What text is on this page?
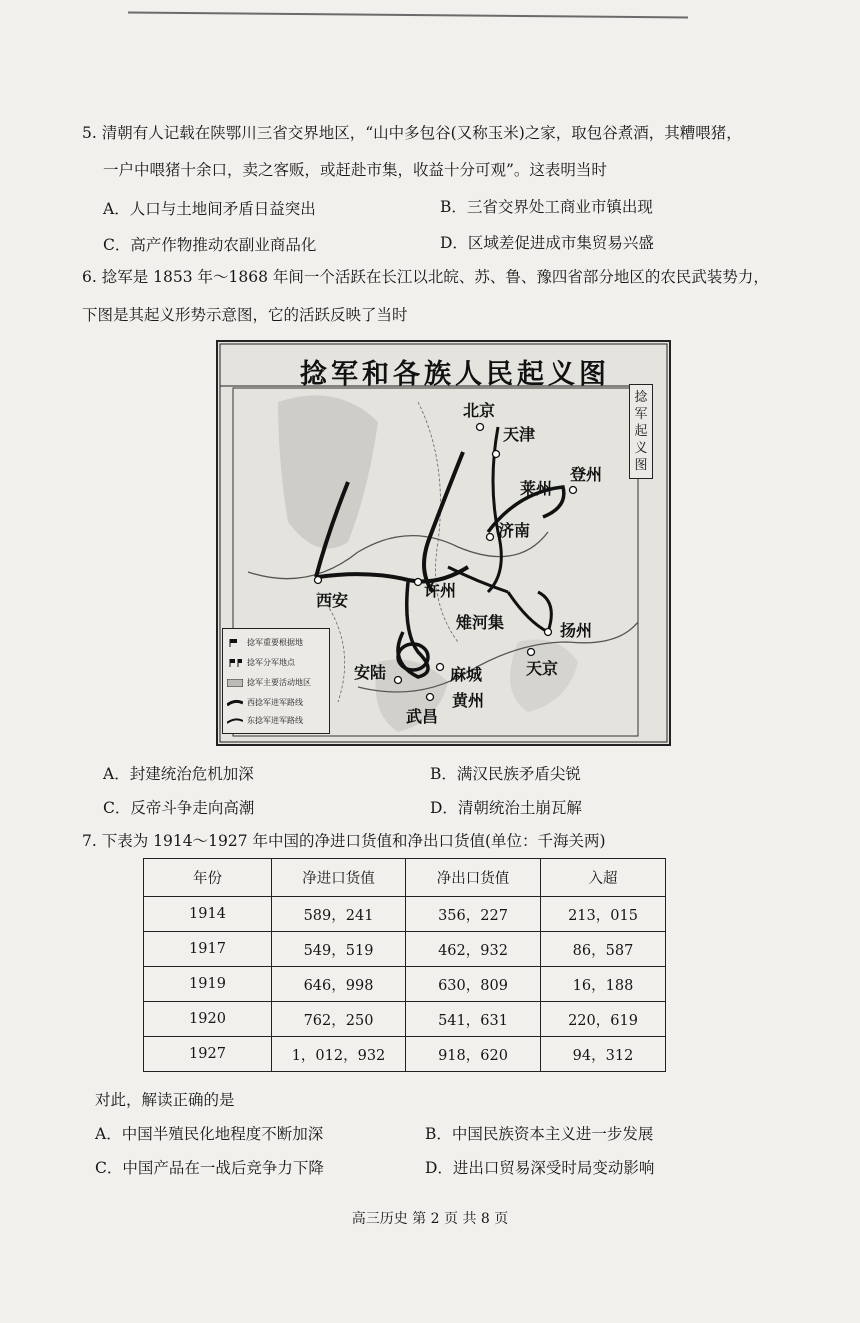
5. 清朝有人记载在陕鄂川三省交界地区，“山中多包谷(又称玉米)之家，取包谷煮酒，其糟喂猪，
一户中喂猪十余口，卖之客贩，或赶赴市集，收益十分可观”。这表明当时
A．人口与土地间矛盾日益突出	B．三省交界处工商业市镇出现
C．高产作物推动农副业商品化	D．区域差促进成市集贸易兴盛
6. 捻军是 1853 年～1868 年间一个活跃在长江以北皖、苏、鲁、豫四省部分地区的农民武装势力，
下图是其起义形势示意图，它的活跃反映了当时
捻军和各族人民起义图
捻军起义图
北京
天津
莱州
登州
济南
西安
许州
雉河集	扬州
安陆	麻城	天京
黄州
武昌
捻军重要根据地
捻军分军地点
捻军主要活动地区
西捻军进军路线
东捻军进军路线
A．封建统治危机加深	B．满汉民族矛盾尖锐
C．反帝斗争走向高潮	D．清朝统治土崩瓦解
7. 下表为 1914～1927 年中国的净进口货值和净出口货值(单位：千海关两)
年份	净进口货值	净出口货值	入超
1914	589，241	356，227	213，015
1917	549，519	462，932	86，587
1919	646，998	630，809	16，188
1920	762，250	541，631	220，619
1927	1，012，932	918，620	94，312
对此，解读正确的是
A．中国半殖民化地程度不断加深	B．中国民族资本主义进一步发展
C．中国产品在一战后竞争力下降	D．进出口贸易深受时局变动影响
高三历史 第 2 页 共 8 页
